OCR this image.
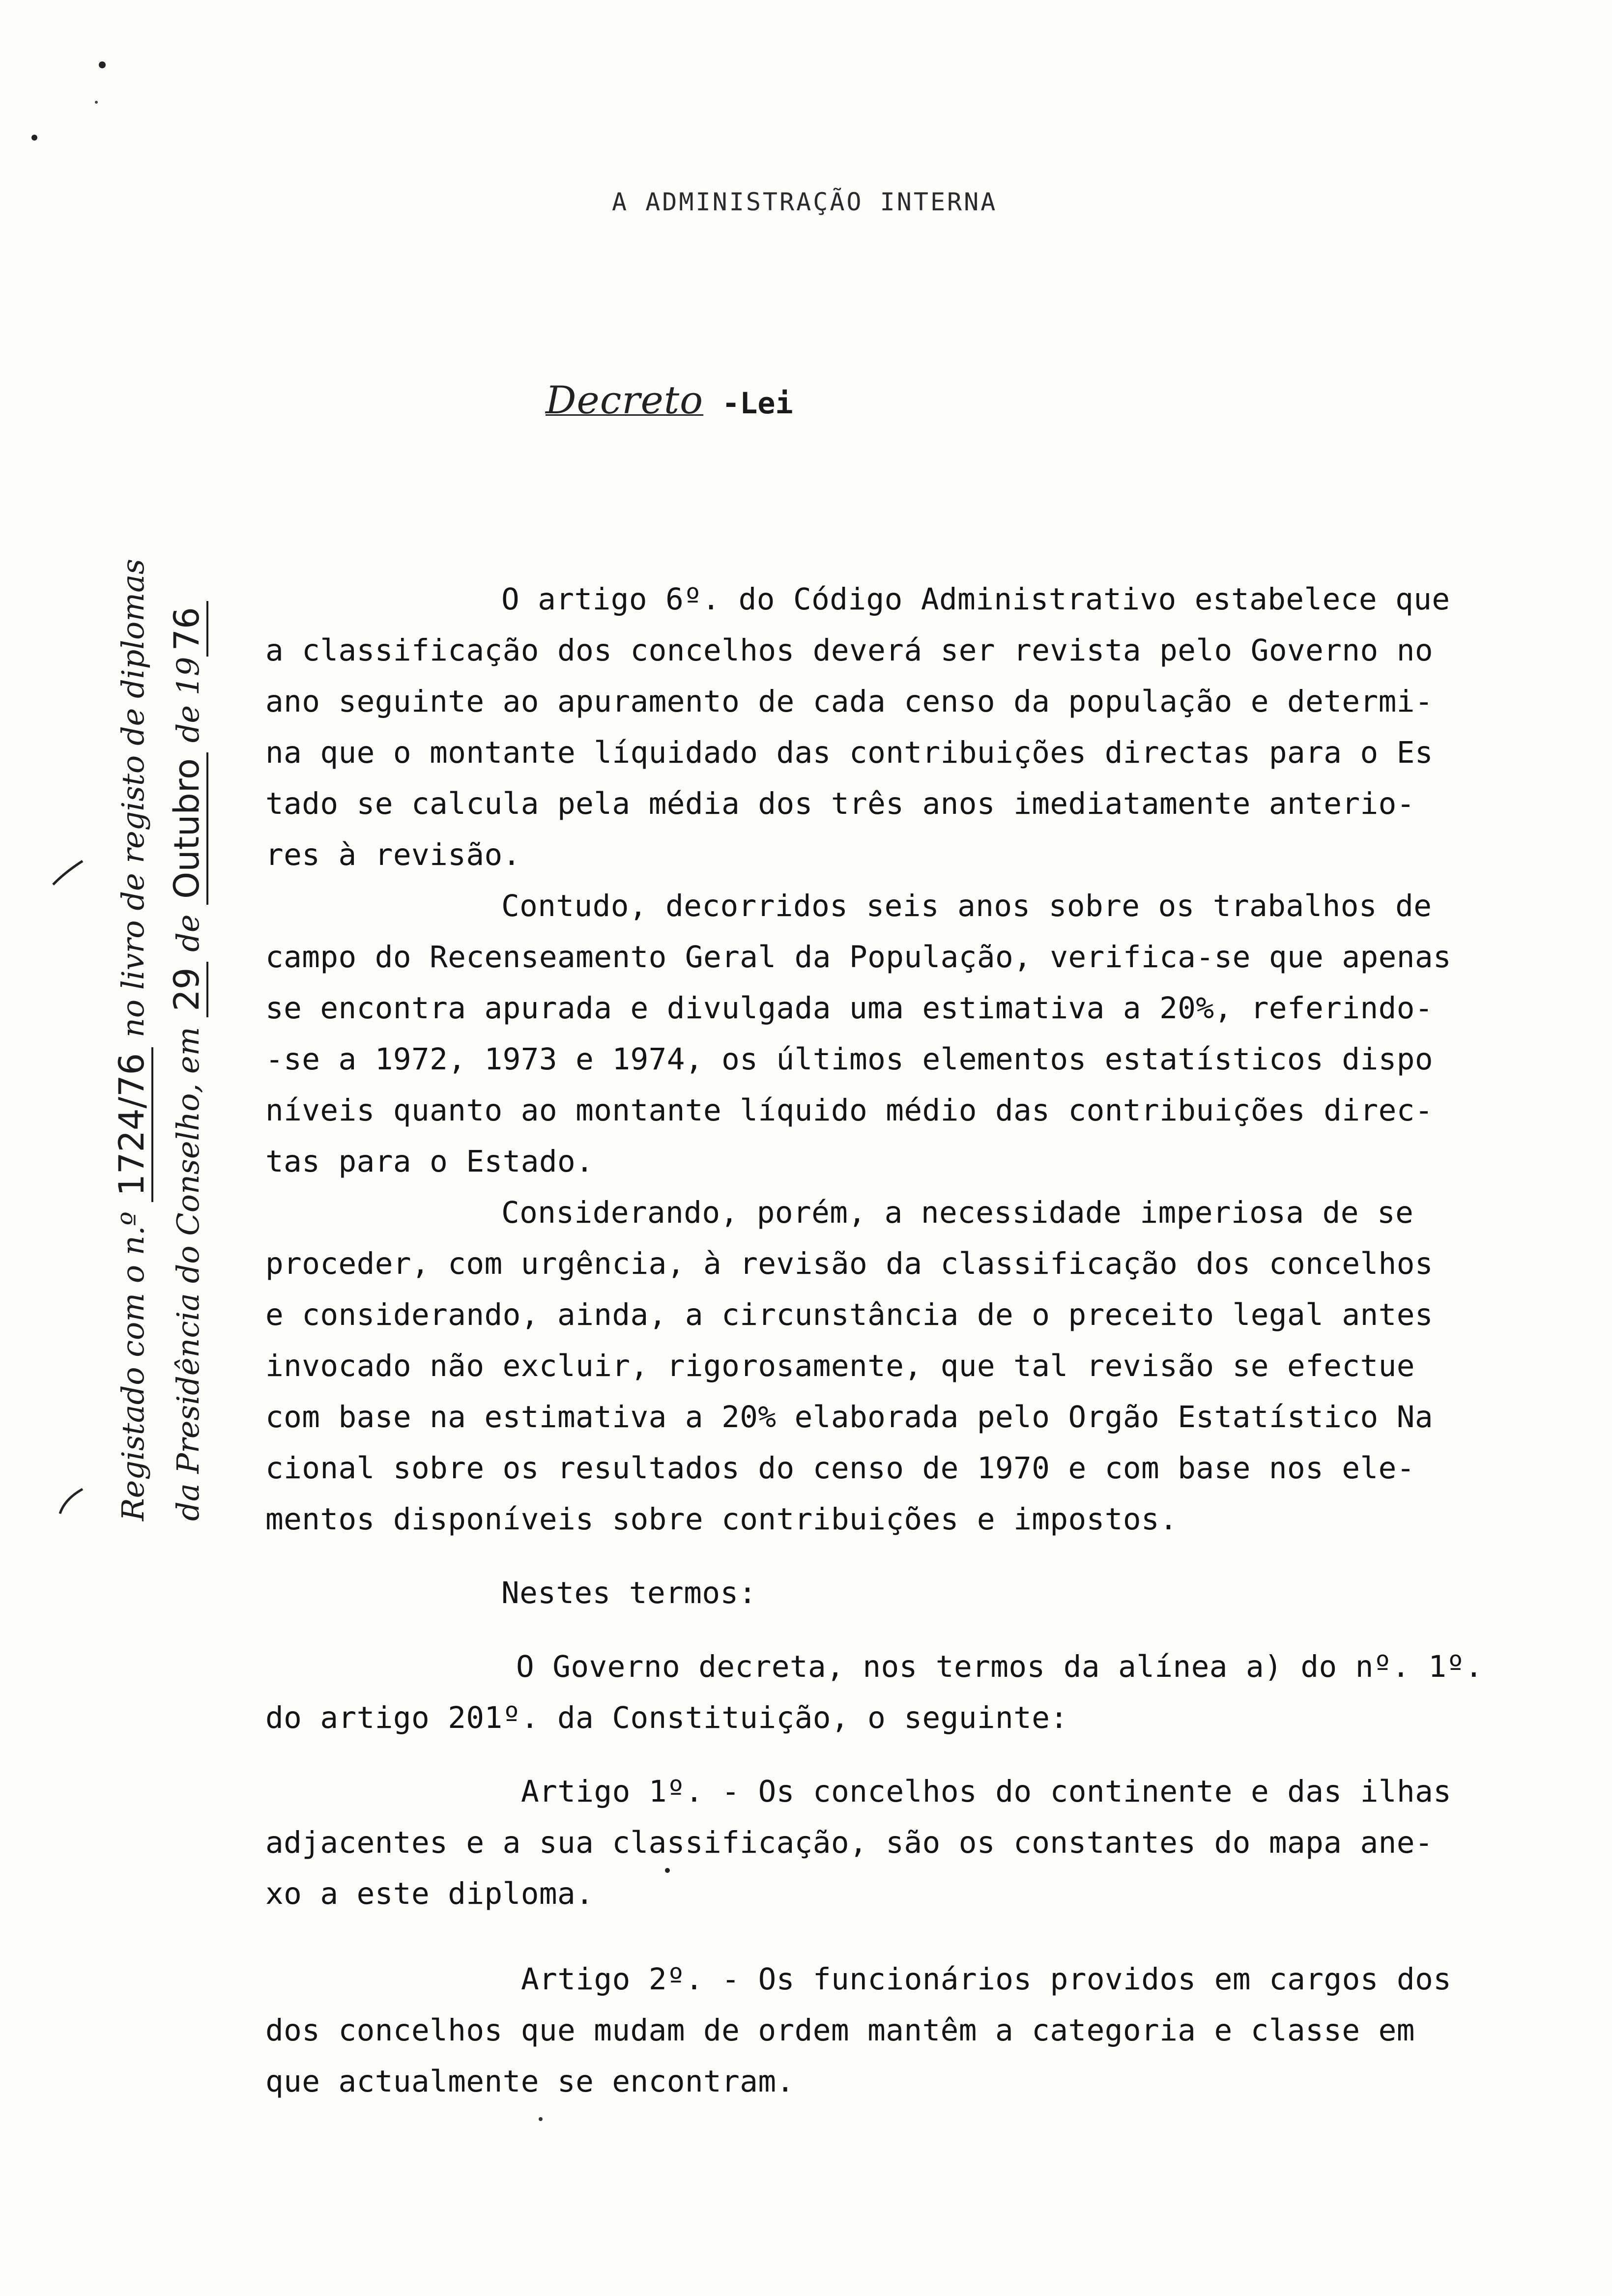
A ADMINISTRAÇÃO INTERNA
Decreto -Lei
O artigo 6º. do Código Administrativo estabelece que
a classificação dos concelhos deverá ser revista pelo Governo no
ano seguinte ao apuramento de cada censo da população e determi-
na que o montante líquidado das contribuições directas para o Es
tado se calcula pela média dos três anos imediatamente anterio-
res à revisão.
Contudo, decorridos seis anos sobre os trabalhos de
campo do Recenseamento Geral da População, verifica-se que apenas
se encontra apurada e divulgada uma estimativa a 20%, referindo-
-se a 1972, 1973 e 1974, os últimos elementos estatísticos dispo
níveis quanto ao montante líquido médio das contribuições direc-
tas para o Estado.
Considerando, porém, a necessidade imperiosa de se
proceder, com urgência, à revisão da classificação dos concelhos
e considerando, ainda, a circunstância de o preceito legal antes
invocado não excluir, rigorosamente, que tal revisão se efectue
com base na estimativa a 20% elaborada pelo Orgão Estatístico Na
cional sobre os resultados do censo de 1970 e com base nos ele-
mentos disponíveis sobre contribuições e impostos.
Nestes termos:
O Governo decreta, nos termos da alínea a) do nº. 1º.
do artigo 201º. da Constituição, o seguinte:
Artigo 1º. - Os concelhos do continente e das ilhas
adjacentes e a sua classificação, são os constantes do mapa ane-
xo a este diploma.
Artigo 2º. - Os funcionários providos em cargos dos
dos concelhos que mudam de ordem mantêm a categoria e classe em
que actualmente se encontram.
Registado com o n.º 1724/76 no livro de registo de diplomas
da Presidência do Conselho, em 29 de Outubro de 1976
